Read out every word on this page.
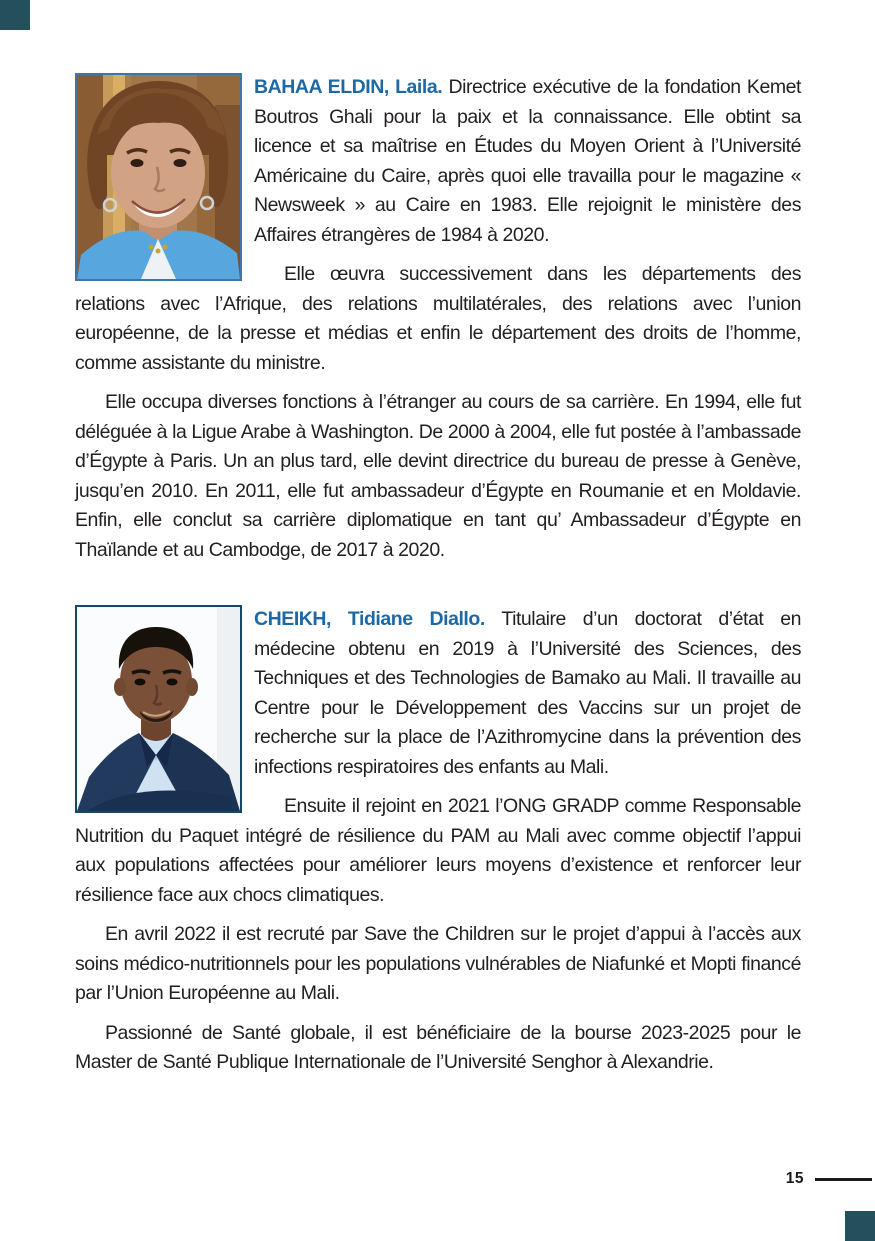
BAHAA ELDIN, Laila. Directrice exécutive de la fondation Kemet Boutros Ghali pour la paix et la connaissance. Elle obtint sa licence et sa maîtrise en Études du Moyen Orient à l’Université Américaine du Caire, après quoi elle travailla pour le magazine « Newsweek » au Caire en 1983. Elle rejoignit le ministère des Affaires étrangères de 1984 à 2020.

Elle œuvra successivement dans les départements des relations avec l’Afrique, des relations multilatérales, des relations avec l’union européenne, de la presse et médias et enfin le département des droits de l’homme, comme assistante du ministre.

Elle occupa diverses fonctions à l’étranger au cours de sa carrière. En 1994, elle fut déléguée à la Ligue Arabe à Washington. De 2000 à 2004, elle fut postée à l’ambassade d’Égypte à Paris. Un an plus tard, elle devint directrice du bureau de presse à Genève, jusqu’en 2010. En 2011, elle fut ambassadeur d’Égypte en Roumanie et en Moldavie. Enfin, elle conclut sa carrière diplomatique en tant qu’ Ambassadeur d’Égypte en Thaïlande et au Cambodge, de 2017 à 2020.

CHEIKH, Tidiane Diallo. Titulaire d’un doctorat d’état en médecine obtenu en 2019 à l’Université des Sciences, des Techniques et des Technologies de Bamako au Mali. Il travaille au Centre pour le Développement des Vaccins sur un projet de recherche sur la place de l’Azithromycine dans la prévention des infections respiratoires des enfants au Mali.

Ensuite il rejoint en 2021 l’ONG GRADP comme Responsable Nutrition du Paquet intégré de résilience du PAM au Mali avec comme objectif l’appui aux populations affectées pour améliorer leurs moyens d’existence et renforcer leur résilience face aux chocs climatiques.

En avril 2022 il est recruté par Save the Children sur le projet d’appui à l’accès aux soins médico-nutritionnels pour les populations vulnérables de Niafunké et Mopti financé par l’Union Européenne au Mali.

Passionné de Santé globale, il est bénéficiaire de la bourse 2023-2025 pour le Master de Santé Publique Internationale de l’Université Senghor à Alexandrie.

15
